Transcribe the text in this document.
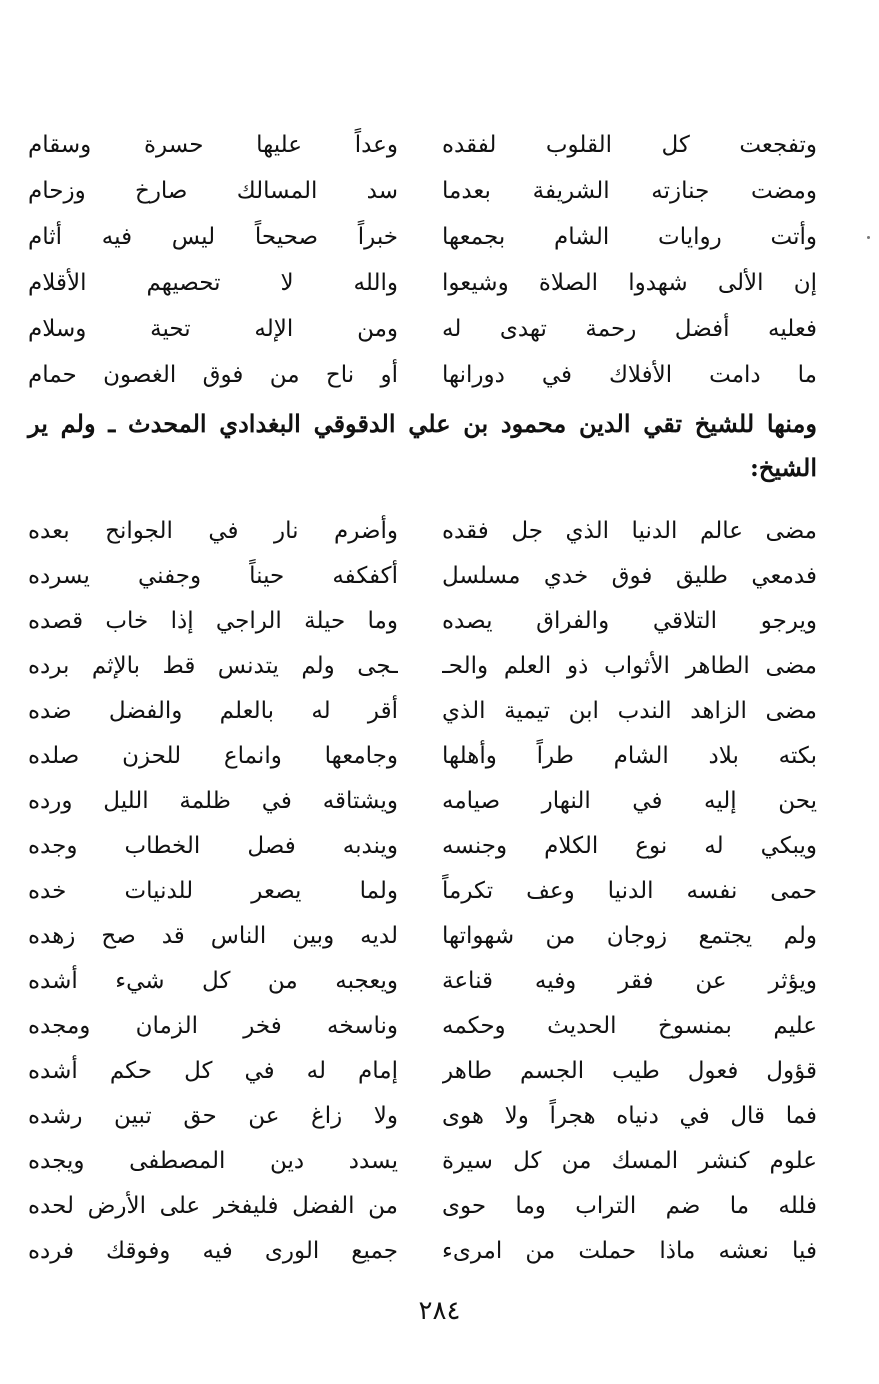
وتفجعت كل القلوب لفقده
وعداً عليها حسرة وسقام
ومضت جنازته الشريفة بعدما
سد المسالك صارخ وزحام
وأتت روايات الشام بجمعها
خبراً صحيحاً ليس فيه أثام
إن الألى شهدوا الصلاة وشيعوا
والله لا تحصيهم الأقلام
فعليه أفضل رحمة تهدى له
ومن الإله تحية وسلام
ما دامت الأفلاك في دورانها
أو ناح من فوق الغصون حمام
ومنها للشيخ تقي الدين محمود بن علي الدقوقي البغدادي المحدث ـ ولم ير الشيخ:
مضى عالم الدنيا الذي جل فقده
وأضرم نار في الجوانح بعده
فدمعي طليق فوق خدي مسلسل
أكفكفه حيناً وجفني يسرده
ويرجو التلاقي والفراق يصده
وما حيلة الراجي إذا خاب قصده
مضى الطاهر الأثواب ذو العلم والحـ
ـجى ولم يتدنس قط بالإثم برده
مضى الزاهد الندب ابن تيمية الذي
أقر له بالعلم والفضل ضده
بكته بلاد الشام طراً وأهلها
وجامعها وانماع للحزن صلده
يحن إليه في النهار صيامه
ويشتاقه في ظلمة الليل ورده
ويبكي له نوع الكلام وجنسه
ويندبه فصل الخطاب وجده
حمى نفسه الدنيا وعف تكرماً
ولما يصعر للدنيات خده
ولم يجتمع زوجان من شهواتها
لديه وبين الناس قد صح زهده
ويؤثر عن فقر وفيه قناعة
ويعجبه من كل شيء أشده
عليم بمنسوخ الحديث وحكمه
وناسخه فخر الزمان ومجده
قؤول فعول طيب الجسم طاهر
إمام له في كل حكم أشده
فما قال في دنياه هجراً ولا هوى
ولا زاغ عن حق تبين رشده
علوم كنشر المسك من كل سيرة
يسدد دين المصطفى ويجده
فلله ما ضم التراب وما حوى
من الفضل فليفخر على الأرض لحده
فيا نعشه ماذا حملت من امرىء
جميع الورى فيه وفوقك فرده
٢٨٤
